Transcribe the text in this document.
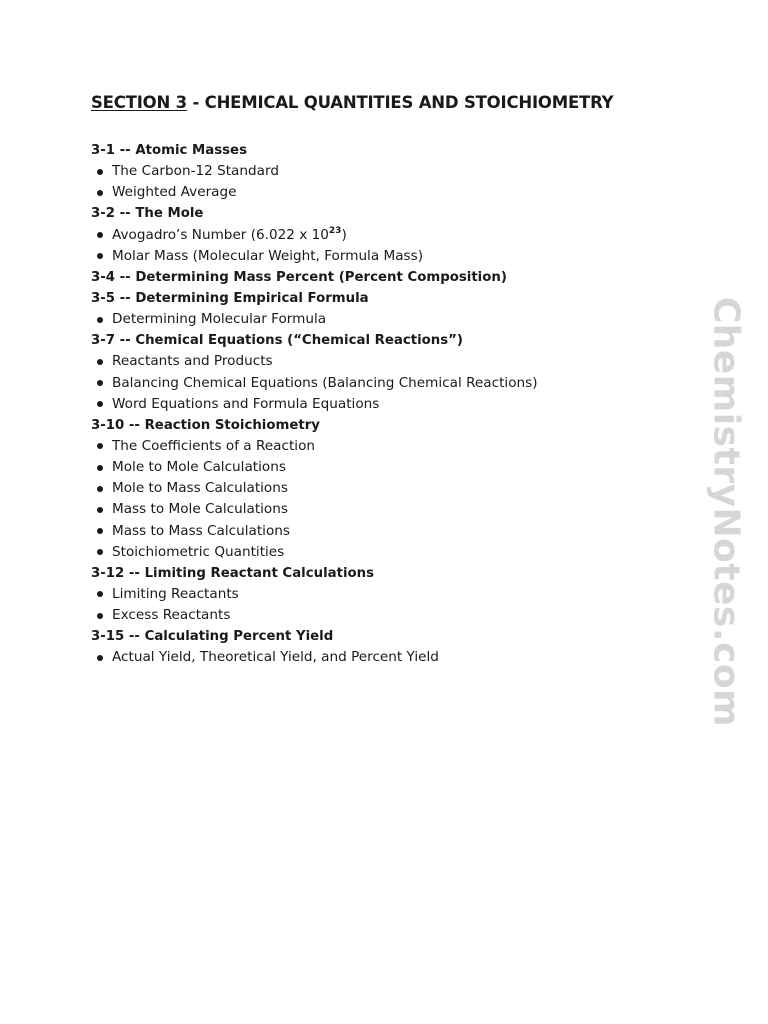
SECTION 3 - CHEMICAL QUANTITIES AND STOICHIOMETRY
3-1 -- Atomic Masses
The Carbon-12 Standard
Weighted Average
3-2 -- The Mole
Avogadro’s Number (6.022 x $10^{23}$)
Molar Mass (Molecular Weight, Formula Mass)
3-4 -- Determining Mass Percent (Percent Composition)
3-5 -- Determining Empirical Formula
Determining Molecular Formula
3-7 -- Chemical Equations (“Chemical Reactions”)
Reactants and Products
Balancing Chemical Equations (Balancing Chemical Reactions)
Word Equations and Formula Equations
3-10 -- Reaction Stoichiometry
The Coefficients of a Reaction
Mole to Mole Calculations
Mole to Mass Calculations
Mass to Mole Calculations
Mass to Mass Calculations
Stoichiometric Quantities
3-12 -- Limiting Reactant Calculations
Limiting Reactants
Excess Reactants
3-15 -- Calculating Percent Yield
Actual Yield, Theoretical Yield, and Percent Yield	ChemistryNotes.com
